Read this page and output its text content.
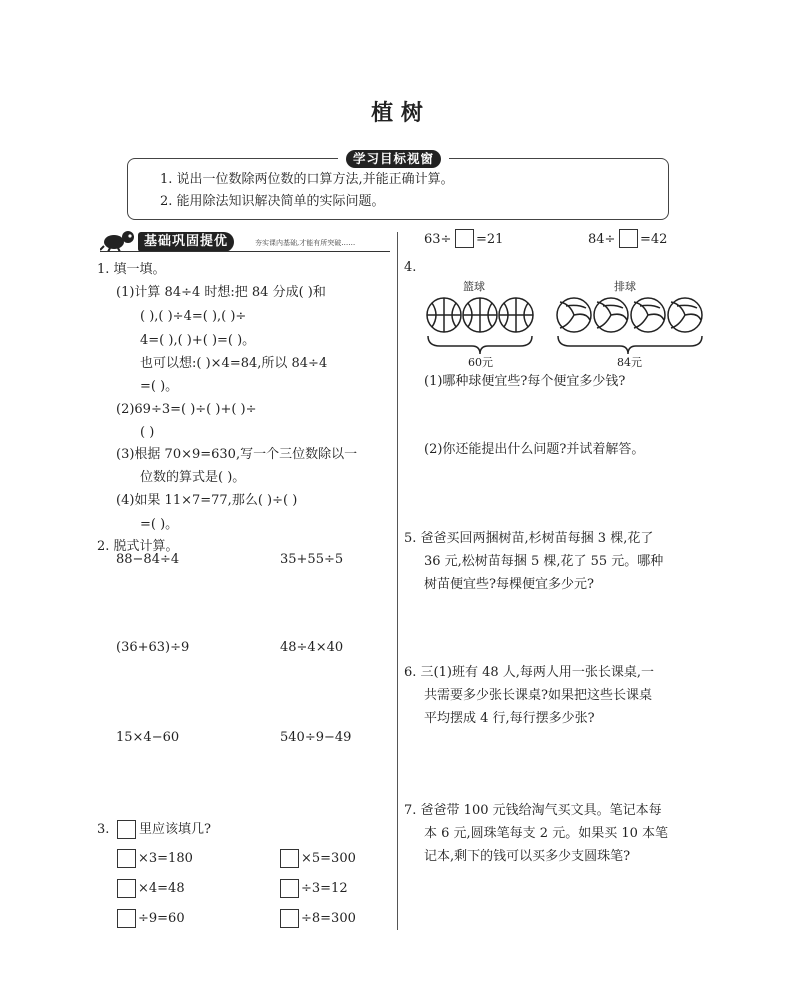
植 树
学习目标视窗
1. 说出一位数除两位数的口算方法,并能正确计算。
2. 能用除法知识解决简单的实际问题。
基础巩固提优	夯实课内基础,才能有所突破……
1. 填一填。
(1)计算 84÷4 时想:把 84 分成( )和
( ),( )÷4=( ),( )÷
4=( ),( )+( )=( )。
也可以想:( )×4=84,所以 84÷4
=( )。
(2)69÷3=( )÷( )+( )÷
( )
(3)根据 70×9=630,写一个三位数除以一
位数的算式是( )。
(4)如果 11×7=77,那么( )÷( )
=( )。
2. 脱式计算。
88−84÷4	35+55÷5
(36+63)÷9	48÷4×40
15×4−60	540÷9−49
3. 里应该填几?
×3=180	×5=300
×4=48	÷3=12
÷9=60	÷8=300
63÷ =21	84÷ =42
4.
篮球	排球
60元	84元
(1)哪种球便宜些?每个便宜多少钱?
(2)你还能提出什么问题?并试着解答。
5. 爸爸买回两捆树苗,杉树苗每捆 3 棵,花了
36 元,松树苗每捆 5 棵,花了 55 元。哪种
树苗便宜些?每棵便宜多少元?
6. 三(1)班有 48 人,每两人用一张长课桌,一
共需要多少张长课桌?如果把这些长课桌
平均摆成 4 行,每行摆多少张?
7. 爸爸带 100 元钱给淘气买文具。笔记本每
本 6 元,圆珠笔每支 2 元。如果买 10 本笔
记本,剩下的钱可以买多少支圆珠笔?
